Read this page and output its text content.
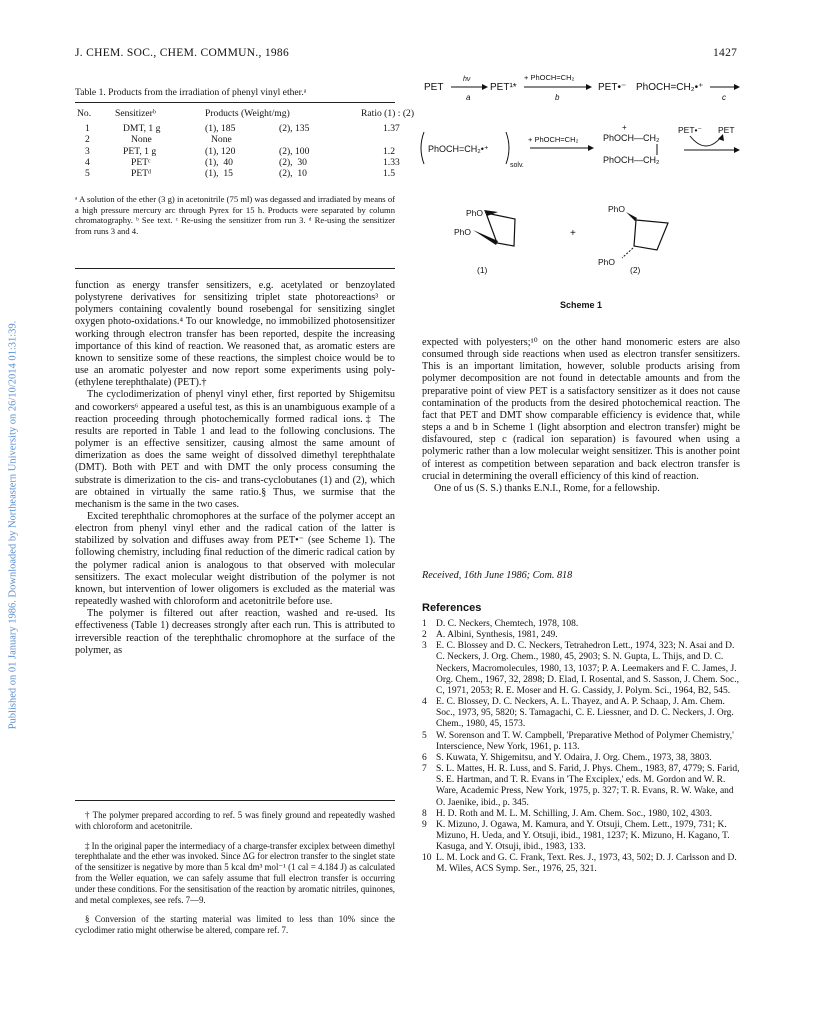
J. CHEM. SOC., CHEM. COMMUN., 1986	1427
Published on 01 January 1986. Downloaded by Northeastern University on 26/10/2014 01:31:39.
Table 1. Products from the irradiation of phenyl vinyl ether.ᵃ
No.	Sensitizerᵇ	Products (Weight/mg)		Ratio (1) : (2)

1	DMT, 1 g	(1), 185	(2), 135	1.37
2	None	None		
3	PET, 1 g	(1), 120	(2), 100	1.2
4	PETᶜ	(1),  40	(2),  30	1.33
5	PETᵈ	(1),  15	(2),  10	1.5
ᵃ A solution of the ether (3 g) in acetonitrile (75 ml) was degassed and irradiated by means of a high pressure mercury arc through Pyrex for 15 h. Products were separated by column chromatography. ᵇ See text. ᶜ Re-using the sensitizer from run 3. ᵈ Re-using the sensitizer from runs 3 and 4.

function as energy transfer sensitizers, e.g. acetylated or benzoylated polystyrene derivatives for sensitizing triplet state photoreactions³ or polymers containing covalently bound rosebengal for sensitizing singlet oxygen photo-oxidations.⁴ To our knowledge, no immobilized photosensitizer working through electron transfer has been reported, despite the increasing importance of this kind of reaction. We reasoned that, as aromatic esters are known to sensitize some of these reactions, the simplest choice would be to use an aromatic polyester and now report some experiments using poly-(ethylene terephthalate) (PET).†

The cyclodimerization of phenyl vinyl ether, first reported by Shigemitsu and coworkers⁶ appeared a useful test, as this is an unambiguous example of a reaction proceeding through photochemically formed radical ions.‡ The results are reported in Table 1 and lead to the following conclusions. The polymer is an effective sensitizer, causing almost the same amount of dimerization as does the same weight of dissolved dimethyl terephthalate (DMT). Both with PET and with DMT the only process consuming the substrate is dimerization to the cis- and trans-cyclobutanes (1) and (2), which are obtained in virtually the same ratio.§ Thus, we surmise that the mechanism is the same in the two cases.

Excited terephthalic chromophores at the surface of the polymer accept an electron from phenyl vinyl ether and the radical cation of the latter is stabilized by solvation and diffuses away from PET•⁻ (see Scheme 1). The following chemistry, including final reduction of the dimeric radical cation by the polymer radical anion is analogous to that observed with molecular sensitizers. The exact molecular weight distribution of the polymer is not known, but intervention of lower oligomers is excluded as the material was repeatedly washed with chloroform and acetonitrile before use.

The polymer is filtered out after reaction, washed and re-used. Its effectiveness (Table 1) decreases strongly after each run. This is attributed to irreversible reaction of the terephthalic chromophore at the surface of the polymer, as

† The polymer prepared according to ref. 5 was finely ground and repeatedly washed with chloroform and acetonitrile.

‡ In the original paper the intermediacy of a charge-transfer exciplex between dimethyl terephthalate and the ether was invoked. Since ΔG for electron transfer to the singlet state of the sensitizer is negative by more than 5 kcal dm³ mol⁻¹ (1 cal = 4.184 J) as calculated from the Weller equation, we can safely assume that full electron transfer is occurring under these conditions. For the sensitisation of the reaction by aromatic nitriles, quinones, and metal complexes, see refs. 7—9.

§ Conversion of the starting material was limited to less than 10% since the cyclodimer ratio might otherwise be altered, compare ref. 7.

PET
hν
a
PET¹*
+ PhOCH=CH₂
b
PET•⁻ PhOCH=CH₂•⁺
c
PhOCH=CH₂•⁺
solv.
+ PhOCH=CH₂
+
PhOCH—CH₂
PhOCH—CH₂
PET•⁻ PET
PhO
PhO
(1)
+
PhO
PhO
(2)
Scheme 1

expected with polyesters;¹⁰ on the other hand monomeric esters are also consumed through side reactions when used as electron transfer sensitizers. This is an important limitation, however, soluble products arising from polymer decomposition are not found in detectable amounts and from the preparative point of view PET is a satisfactory sensitizer as it does not cause contamination of the products from the desired photochemical reaction. The fact that PET and DMT show comparable efficiency is evidence that, while steps a and b in Scheme 1 (light absorption and electron transfer) might be disfavoured, step c (radical ion separation) is favoured when using a polymeric rather than a low molecular weight sensitizer. This is another point of interest as competition between separation and back electron transfer is crucial in determining the overall efficiency of this kind of reaction.

One of us (S. S.) thanks E.N.I., Rome, for a fellowship.

Received, 16th June 1986; Com. 818
References
1 D. C. Neckers, Chemtech, 1978, 108.
2 A. Albini, Synthesis, 1981, 249.
3 E. C. Blossey and D. C. Neckers, Tetrahedron Lett., 1974, 323; N. Asai and D. C. Neckers, J. Org. Chem., 1980, 45, 2903; S. N. Gupta, L. Thijs, and D. C. Neckers, Macromolecules, 1980, 13, 1037; P. A. Leemakers and F. C. James, J. Org. Chem., 1967, 32, 2898; D. Elad, I. Rosental, and S. Sasson, J. Chem. Soc., C, 1971, 2053; R. E. Moser and H. G. Cassidy, J. Polym. Sci., 1964, B2, 545.
4 E. C. Blossey, D. C. Neckers, A. L. Thayez, and A. P. Schaap, J. Am. Chem. Soc., 1973, 95, 5820; S. Tamagachi, C. E. Liessner, and D. C. Neckers, J. Org. Chem., 1980, 45, 1573.
5 W. Sorenson and T. W. Campbell, 'Preparative Method of Polymer Chemistry,' Interscience, New York, 1961, p. 113.
6 S. Kuwata, Y. Shigemitsu, and Y. Odaira, J. Org. Chem., 1973, 38, 3803.
7 S. L. Mattes, H. R. Luss, and S. Farid, J. Phys. Chem., 1983, 87, 4779; S. Farid, S. E. Hartman, and T. R. Evans in 'The Exciplex,' eds. M. Gordon and W. R. Ware, Academic Press, New York, 1975, p. 327; T. R. Evans, R. W. Wake, and O. Jaenike, ibid., p. 345.
8 H. D. Roth and M. L. M. Schilling, J. Am. Chem. Soc., 1980, 102, 4303.
9 K. Mizuno, J. Ogawa, M. Kamura, and Y. Otsuji, Chem. Lett., 1979, 731; K. Mizuno, H. Ueda, and Y. Otsuji, ibid., 1981, 1237; K. Mizuno, H. Kagano, T. Kasuga, and Y. Otsuji, ibid., 1983, 133.
10 L. M. Lock and G. C. Frank, Text. Res. J., 1973, 43, 502; D. J. Carlsson and D. M. Wiles, ACS Symp. Ser., 1976, 25, 321.
